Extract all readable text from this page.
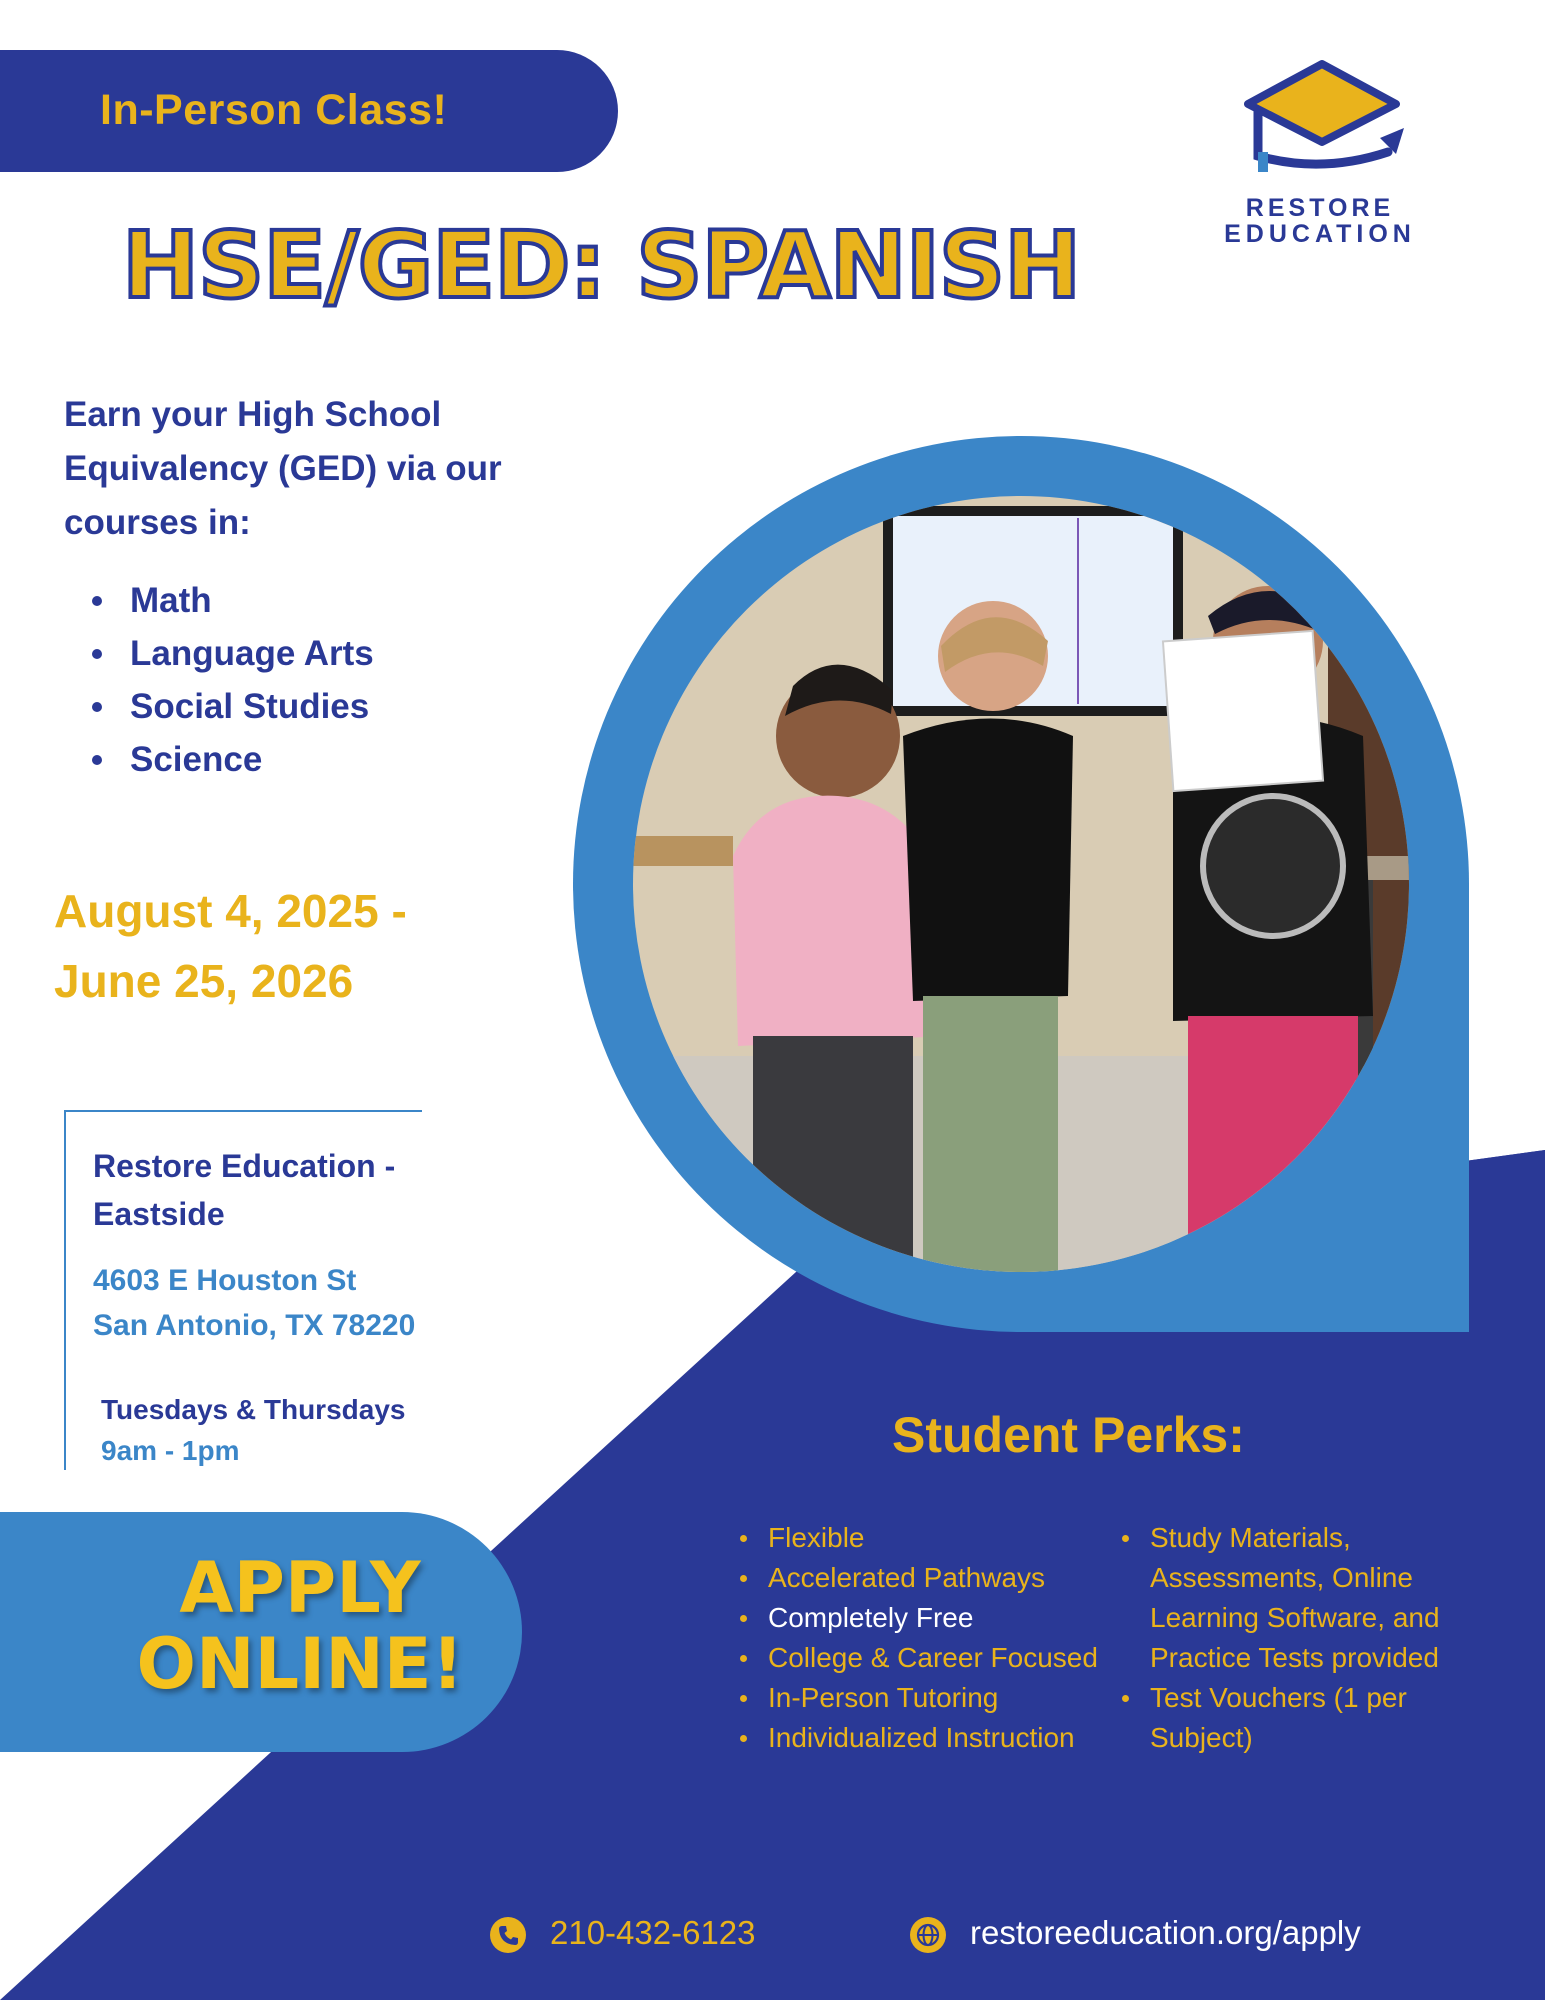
In-Person Class!
HSE/GED: SPANISH
RESTORE
EDUCATION
Earn your High School Equivalency (GED) via our courses in:
Math
Language Arts
Social Studies
Science
August 4, 2025 -
June 25, 2026
Restore Education - Eastside
4603 E Houston St
San Antonio, TX 78220
Tuesdays & Thursdays
9am - 1pm
APPLY
ONLINE!
Student Perks:
Flexible
Accelerated Pathways
Completely Free
College & Career Focused
In-Person Tutoring
Individualized Instruction
Study Materials, Assessments, Online Learning Software, and Practice Tests provided
Test Vouchers (1 per Subject)
210-432-6123	restoreeducation.org/apply
